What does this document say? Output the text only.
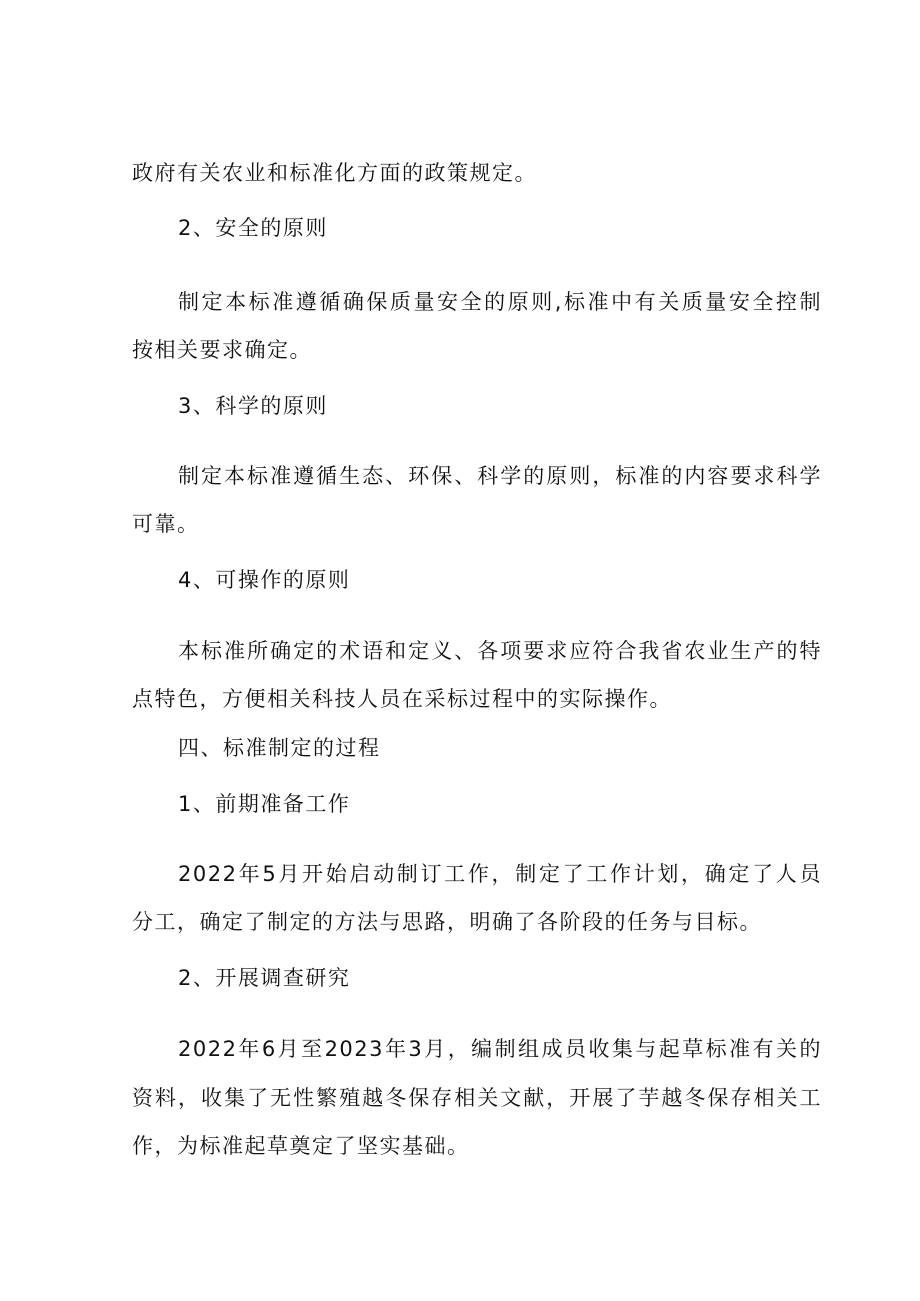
政府有关农业和标准化方面的政策规定。
2、安全的原则
制定本标准遵循确保质量安全的原则,标准中有关质量安全控制
按相关要求确定。
3、科学的原则
制定本标准遵循生态、环保、科学的原则，标准的内容要求科学
可靠。
4、可操作的原则
本标准所确定的术语和定义、各项要求应符合我省农业生产的特
点特色，方便相关科技人员在采标过程中的实际操作。
四、标准制定的过程
1、前期准备工作
2022年5月开始启动制订工作，制定了工作计划，确定了人员
分工，确定了制定的方法与思路，明确了各阶段的任务与目标。
2、开展调查研究
2022年6月至2023年3月，编制组成员收集与起草标准有关的
资料，收集了无性繁殖越冬保存相关文献，开展了芋越冬保存相关工
作，为标准起草奠定了坚实基础。
